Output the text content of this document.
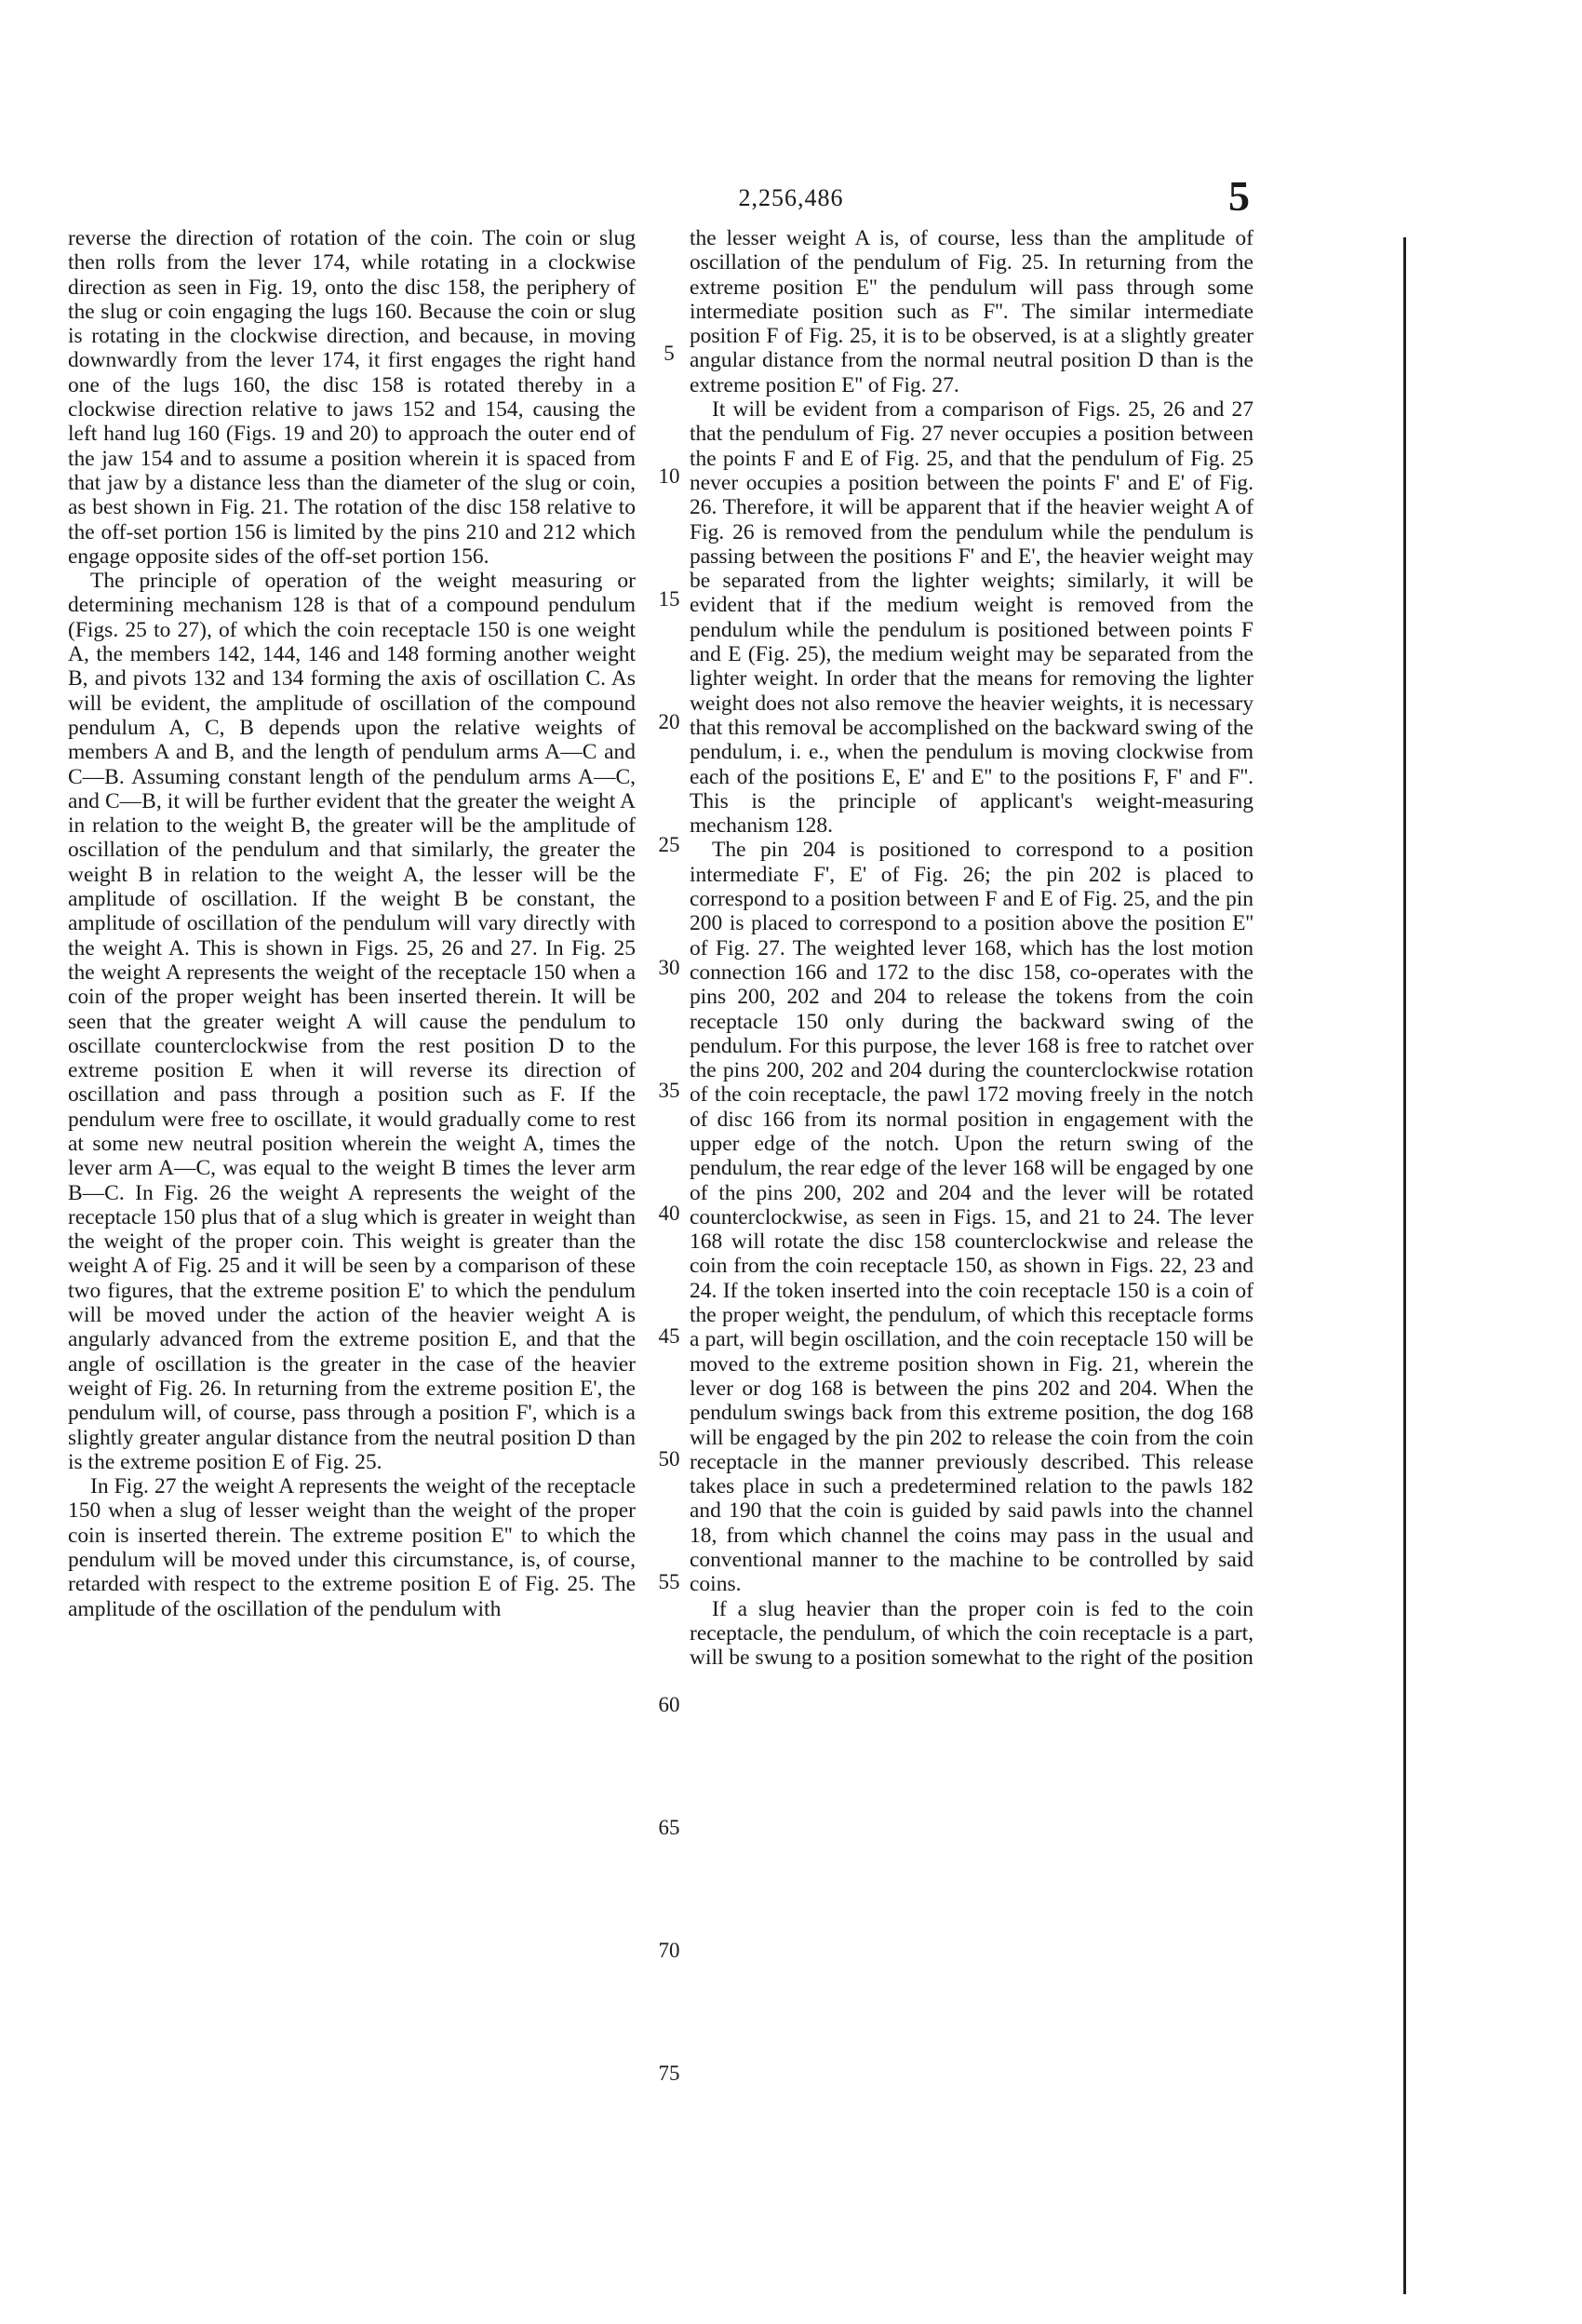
2,256,486	5

reverse the direction of rotation of the coin. The coin or slug then rolls from the lever 174, while rotating in a clockwise direction as seen in Fig. 19, onto the disc 158, the periphery of the slug or coin engaging the lugs 160. Because the coin or slug is rotating in the clockwise direction, and because, in moving downwardly from the lever 174, it first engages the right hand one of the lugs 160, the disc 158 is rotated thereby in a clockwise direction relative to jaws 152 and 154, causing the left hand lug 160 (Figs. 19 and 20) to approach the outer end of the jaw 154 and to assume a position wherein it is spaced from that jaw by a distance less than the diameter of the slug or coin, as best shown in Fig. 21. The rotation of the disc 158 relative to the off-set portion 156 is limited by the pins 210 and 212 which engage opposite sides of the off-set portion 156.

The principle of operation of the weight measuring or determining mechanism 128 is that of a compound pendulum (Figs. 25 to 27), of which the coin receptacle 150 is one weight A, the members 142, 144, 146 and 148 forming another weight B, and pivots 132 and 134 forming the axis of oscillation C. As will be evident, the amplitude of oscillation of the compound pendulum A, C, B depends upon the relative weights of members A and B, and the length of pendulum arms A—C and C—B. Assuming constant length of the pendulum arms A—C, and C—B, it will be further evident that the greater the weight A in relation to the weight B, the greater will be the amplitude of oscillation of the pendulum and that similarly, the greater the weight B in relation to the weight A, the lesser will be the amplitude of oscillation. If the weight B be constant, the amplitude of oscillation of the pendulum will vary directly with the weight A. This is shown in Figs. 25, 26 and 27. In Fig. 25 the weight A represents the weight of the receptacle 150 when a coin of the proper weight has been inserted therein. It will be seen that the greater weight A will cause the pendulum to oscillate counterclockwise from the rest position D to the extreme position E when it will reverse its direction of oscillation and pass through a position such as F. If the pendulum were free to oscillate, it would gradually come to rest at some new neutral position wherein the weight A, times the lever arm A—C, was equal to the weight B times the lever arm B—C. In Fig. 26 the weight A represents the weight of the receptacle 150 plus that of a slug which is greater in weight than the weight of the proper coin. This weight is greater than the weight A of Fig. 25 and it will be seen by a comparison of these two figures, that the extreme position E' to which the pendulum will be moved under the action of the heavier weight A is angularly advanced from the extreme position E, and that the angle of oscillation is the greater in the case of the heavier weight of Fig. 26. In returning from the extreme position E', the pendulum will, of course, pass through a position F', which is a slightly greater angular distance from the neutral position D than is the extreme position E of Fig. 25.

In Fig. 27 the weight A represents the weight of the receptacle 150 when a slug of lesser weight than the weight of the proper coin is inserted therein. The extreme position E'' to which the pendulum will be moved under this circumstance, is, of course, retarded with respect to the extreme position E of Fig. 25. The amplitude of the oscillation of the pendulum with

5
10
15
20
25
30
35
40
45
50
55
60
65
70
75

the lesser weight A is, of course, less than the amplitude of oscillation of the pendulum of Fig. 25. In returning from the extreme position E'' the pendulum will pass through some intermediate position such as F''. The similar intermediate position F of Fig. 25, it is to be observed, is at a slightly greater angular distance from the normal neutral position D than is the extreme position E'' of Fig. 27.

It will be evident from a comparison of Figs. 25, 26 and 27 that the pendulum of Fig. 27 never occupies a position between the points F and E of Fig. 25, and that the pendulum of Fig. 25 never occupies a position between the points F' and E' of Fig. 26. Therefore, it will be apparent that if the heavier weight A of Fig. 26 is removed from the pendulum while the pendulum is passing between the positions F' and E', the heavier weight may be separated from the lighter weights; similarly, it will be evident that if the medium weight is removed from the pendulum while the pendulum is positioned between points F and E (Fig. 25), the medium weight may be separated from the lighter weight. In order that the means for removing the lighter weight does not also remove the heavier weights, it is necessary that this removal be accomplished on the backward swing of the pendulum, i. e., when the pendulum is moving clockwise from each of the positions E, E' and E'' to the positions F, F' and F''. This is the principle of applicant's weight-measuring mechanism 128.

The pin 204 is positioned to correspond to a position intermediate F', E' of Fig. 26; the pin 202 is placed to correspond to a position between F and E of Fig. 25, and the pin 200 is placed to correspond to a position above the position E'' of Fig. 27. The weighted lever 168, which has the lost motion connection 166 and 172 to the disc 158, co-operates with the pins 200, 202 and 204 to release the tokens from the coin receptacle 150 only during the backward swing of the pendulum. For this purpose, the lever 168 is free to ratchet over the pins 200, 202 and 204 during the counterclockwise rotation of the coin receptacle, the pawl 172 moving freely in the notch of disc 166 from its normal position in engagement with the upper edge of the notch. Upon the return swing of the pendulum, the rear edge of the lever 168 will be engaged by one of the pins 200, 202 and 204 and the lever will be rotated counterclockwise, as seen in Figs. 15, and 21 to 24. The lever 168 will rotate the disc 158 counterclockwise and release the coin from the coin receptacle 150, as shown in Figs. 22, 23 and 24. If the token inserted into the coin receptacle 150 is a coin of the proper weight, the pendulum, of which this receptacle forms a part, will begin oscillation, and the coin receptacle 150 will be moved to the extreme position shown in Fig. 21, wherein the lever or dog 168 is between the pins 202 and 204. When the pendulum swings back from this extreme position, the dog 168 will be engaged by the pin 202 to release the coin from the coin receptacle in the manner previously described. This release takes place in such a predetermined relation to the pawls 182 and 190 that the coin is guided by said pawls into the channel 18, from which channel the coins may pass in the usual and conventional manner to the machine to be controlled by said coins.

If a slug heavier than the proper coin is fed to the coin receptacle, the pendulum, of which the coin receptacle is a part, will be swung to a position somewhat to the right of the position
